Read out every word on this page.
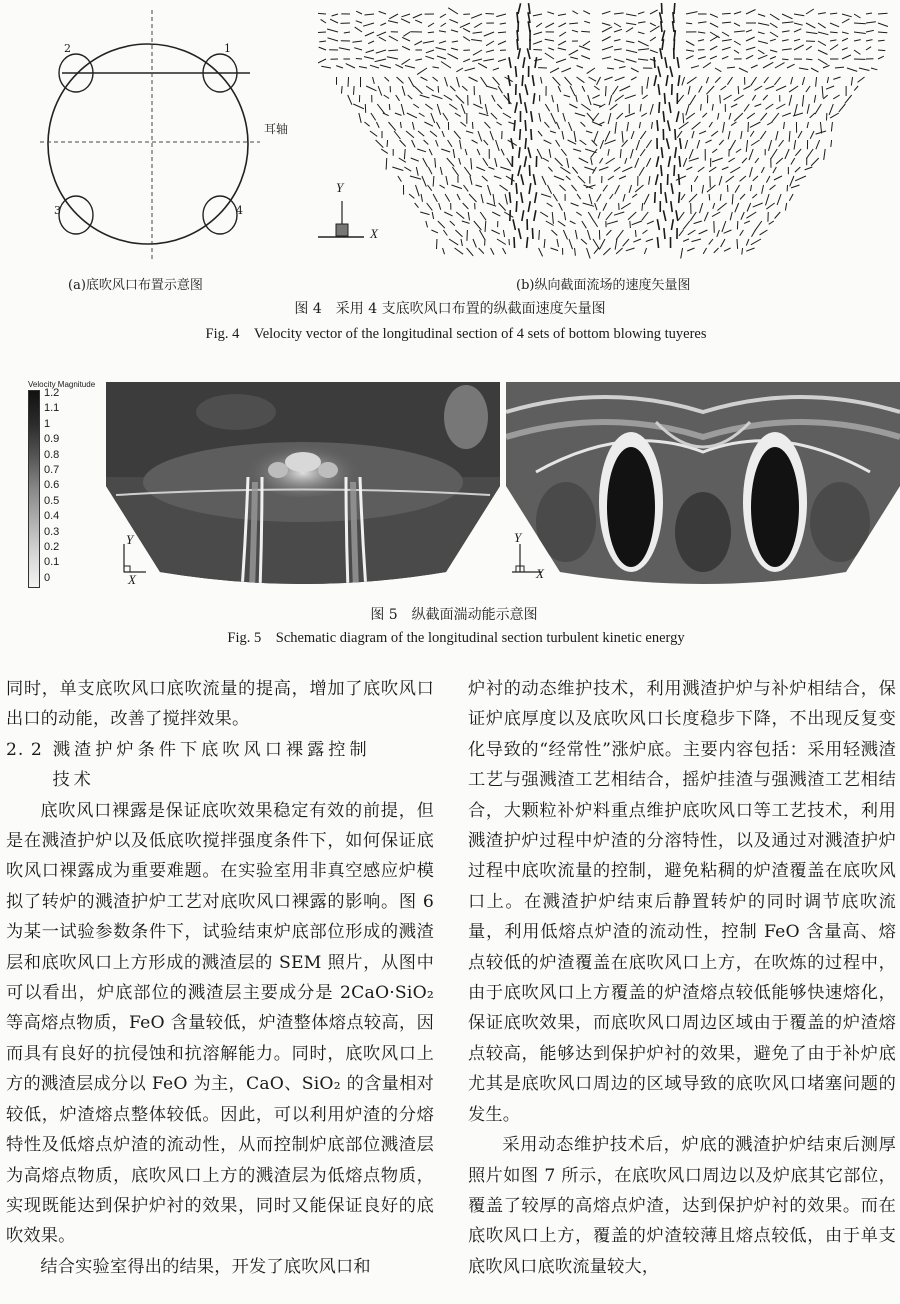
2	1
3	4
耳轴
(a)底吹风口布置示意图
Y
X
(b)纵向截面流场的速度矢量图
图 4　采用 4 支底吹风口布置的纵截面速度矢量图
Fig. 4　Velocity vector of the longitudinal section of 4 sets of bottom blowing tuyeres
Velocity Magnitude
1.2
1.1
1
0.9
0.8
0.7
0.6
0.5
0.4
0.3
0.2
0.1
0
Y
X
Y
X
图 5　纵截面湍动能示意图
Fig. 5　Schematic diagram of the longitudinal section turbulent kinetic energy

同时，单支底吹风口底吹流量的提高，增加了底吹风口出口的动能，改善了搅拌效果。

2. 2 溅渣护炉条件下底吹风口裸露控制

技术

底吹风口裸露是保证底吹效果稳定有效的前提，但是在溅渣护炉以及低底吹搅拌强度条件下，如何保证底吹风口裸露成为重要难题。在实验室用非真空感应炉模拟了转炉的溅渣护炉工艺对底吹风口裸露的影响。图 6 为某一试验参数条件下，试验结束炉底部位形成的溅渣层和底吹风口上方形成的溅渣层的 SEM 照片，从图中可以看出，炉底部位的溅渣层主要成分是 2CaO·SiO₂ 等高熔点物质，FeO 含量较低，炉渣整体熔点较高，因而具有良好的抗侵蚀和抗溶解能力。同时，底吹风口上方的溅渣层成分以 FeO 为主，CaO、SiO₂ 的含量相对较低，炉渣熔点整体较低。因此，可以利用炉渣的分熔特性及低熔点炉渣的流动性，从而控制炉底部位溅渣层为高熔点物质，底吹风口上方的溅渣层为低熔点物质，实现既能达到保护炉衬的效果，同时又能保证良好的底吹效果。

结合实验室得出的结果，开发了底吹风口和

炉衬的动态维护技术，利用溅渣护炉与补炉相结合，保证炉底厚度以及底吹风口长度稳步下降，不出现反复变化导致的“经常性”涨炉底。主要内容包括：采用轻溅渣工艺与强溅渣工艺相结合，摇炉挂渣与强溅渣工艺相结合，大颗粒补炉料重点维护底吹风口等工艺技术，利用溅渣护炉过程中炉渣的分溶特性，以及通过对溅渣护炉过程中底吹流量的控制，避免粘稠的炉渣覆盖在底吹风口上。在溅渣护炉结束后静置转炉的同时调节底吹流量，利用低熔点炉渣的流动性，控制 FeO 含量高、熔点较低的炉渣覆盖在底吹风口上方，在吹炼的过程中，由于底吹风口上方覆盖的炉渣熔点较低能够快速熔化，保证底吹效果，而底吹风口周边区域由于覆盖的炉渣熔点较高，能够达到保护炉衬的效果，避免了由于补炉底尤其是底吹风口周边的区域导致的底吹风口堵塞问题的发生。

采用动态维护技术后，炉底的溅渣护炉结束后测厚照片如图 7 所示，在底吹风口周边以及炉底其它部位，覆盖了较厚的高熔点炉渣，达到保护炉衬的效果。而在底吹风口上方，覆盖的炉渣较薄且熔点较低，由于单支底吹风口底吹流量较大，
